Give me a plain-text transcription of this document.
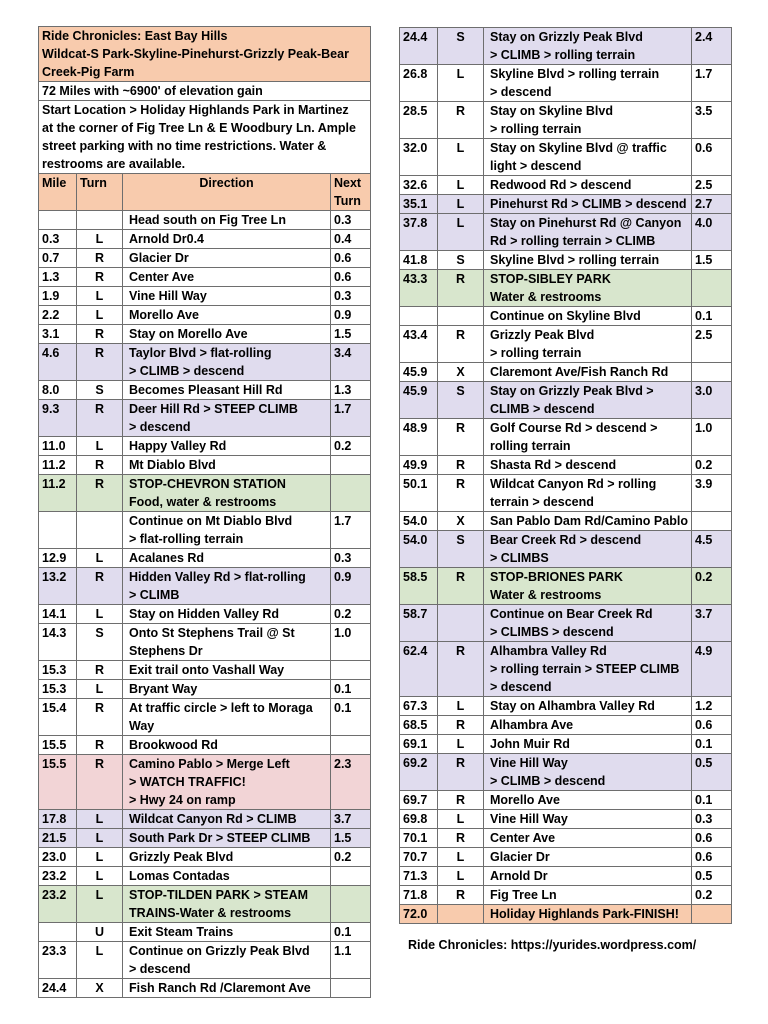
Ride Chronicles: East Bay Hills
Wildcat-S Park-Skyline-Pinehurst-Grizzly Peak-Bear
Creek-Pig Farm			

72 Miles with ~6900' of elevation gain			

Start Location > Holiday Highlands Park in Martinez
at the corner of Fig Tree Ln & E Woodbury Ln. Ample
street parking with no time restrictions. Water &
restrooms are available.			

Mile	Turn	Direction	Next
Turn

		Head south on Fig Tree Ln	0.3
0.3	L	Arnold Dr0.4	0.4
0.7	R	Glacier Dr	0.6
1.3	R	Center Ave	0.6
1.9	L	Vine Hill Way	0.3
2.2	L	Morello Ave	0.9
3.1	R	Stay on Morello Ave	1.5
4.6	R	Taylor Blvd > flat-rolling
> CLIMB > descend	3.4
8.0	S	Becomes Pleasant Hill Rd	1.3
9.3	R	Deer Hill Rd > STEEP CLIMB
> descend	1.7
11.0	L	Happy Valley Rd	0.2
11.2	R	Mt Diablo Blvd	

11.2	R	STOP-CHEVRON STATION
Food, water & restrooms	

		Continue on Mt Diablo Blvd
> flat-rolling terrain	1.7
12.9	L	Acalanes Rd	0.3
13.2	R	Hidden Valley Rd > flat-rolling
> CLIMB	0.9
14.1	L	Stay on Hidden Valley Rd	0.2
14.3	S	Onto St Stephens Trail @ St
Stephens Dr	1.0
15.3	R	Exit trail onto Vashall Way	

15.3	L	Bryant Way	0.1
15.4	R	At traffic circle > left to Moraga
Way	0.1
15.5	R	Brookwood Rd	

15.5	R	Camino Pablo > Merge Left
> WATCH TRAFFIC!
> Hwy 24 on ramp	2.3
17.8	L	Wildcat Canyon Rd > CLIMB	3.7
21.5	L	South Park Dr > STEEP CLIMB	1.5
23.0	L	Grizzly Peak Blvd	0.2
23.2	L	Lomas Contadas	

23.2	L	STOP-TILDEN PARK > STEAM
TRAINS-Water & restrooms	

	U	Exit Steam Trains	0.1
23.3	L	Continue on Grizzly Peak Blvd
> descend	1.1
24.4	X	Fish Ranch Rd /Claremont Ave	

24.4	S	Stay on Grizzly Peak Blvd
> CLIMB > rolling terrain	2.4
26.8	L	Skyline Blvd > rolling terrain
> descend	1.7
28.5	R	Stay on Skyline Blvd
> rolling terrain	3.5
32.0	L	Stay on Skyline Blvd @ traffic
light > descend	0.6
32.6	L	Redwood Rd > descend	2.5
35.1	L	Pinehurst Rd > CLIMB > descend	2.7
37.8	L	Stay on Pinehurst Rd @ Canyon
Rd > rolling terrain > CLIMB	4.0
41.8	S	Skyline Blvd > rolling terrain	1.5
43.3	R	STOP-SIBLEY PARK
Water & restrooms	

		Continue on Skyline Blvd	0.1
43.4	R	Grizzly Peak Blvd
> rolling terrain	2.5
45.9	X	Claremont Ave/Fish Ranch Rd	

45.9	S	Stay on Grizzly Peak Blvd >
CLIMB > descend	3.0
48.9	R	Golf Course Rd > descend >
rolling terrain	1.0
49.9	R	Shasta Rd > descend	0.2
50.1	R	Wildcat Canyon Rd > rolling
terrain > descend	3.9
54.0	X	San Pablo Dam Rd/Camino Pablo	

54.0	S	Bear Creek Rd > descend
> CLIMBS	4.5
58.5	R	STOP-BRIONES PARK
Water & restrooms	0.2
58.7		Continue on Bear Creek Rd
> CLIMBS > descend	3.7
62.4	R	Alhambra Valley Rd
> rolling terrain > STEEP CLIMB
> descend	4.9
67.3	L	Stay on Alhambra Valley Rd	1.2
68.5	R	Alhambra Ave	0.6
69.1	L	John Muir Rd	0.1
69.2	R	Vine Hill Way
> CLIMB > descend	0.5
69.7	R	Morello Ave	0.1
69.8	L	Vine Hill Way	0.3
70.1	R	Center Ave	0.6
70.7	L	Glacier Dr	0.6
71.3	L	Arnold Dr	0.5
71.8	R	Fig Tree Ln	0.2
72.0		Holiday Highlands Park-FINISH!	

Ride Chronicles: https://yurides.wordpress.com/
